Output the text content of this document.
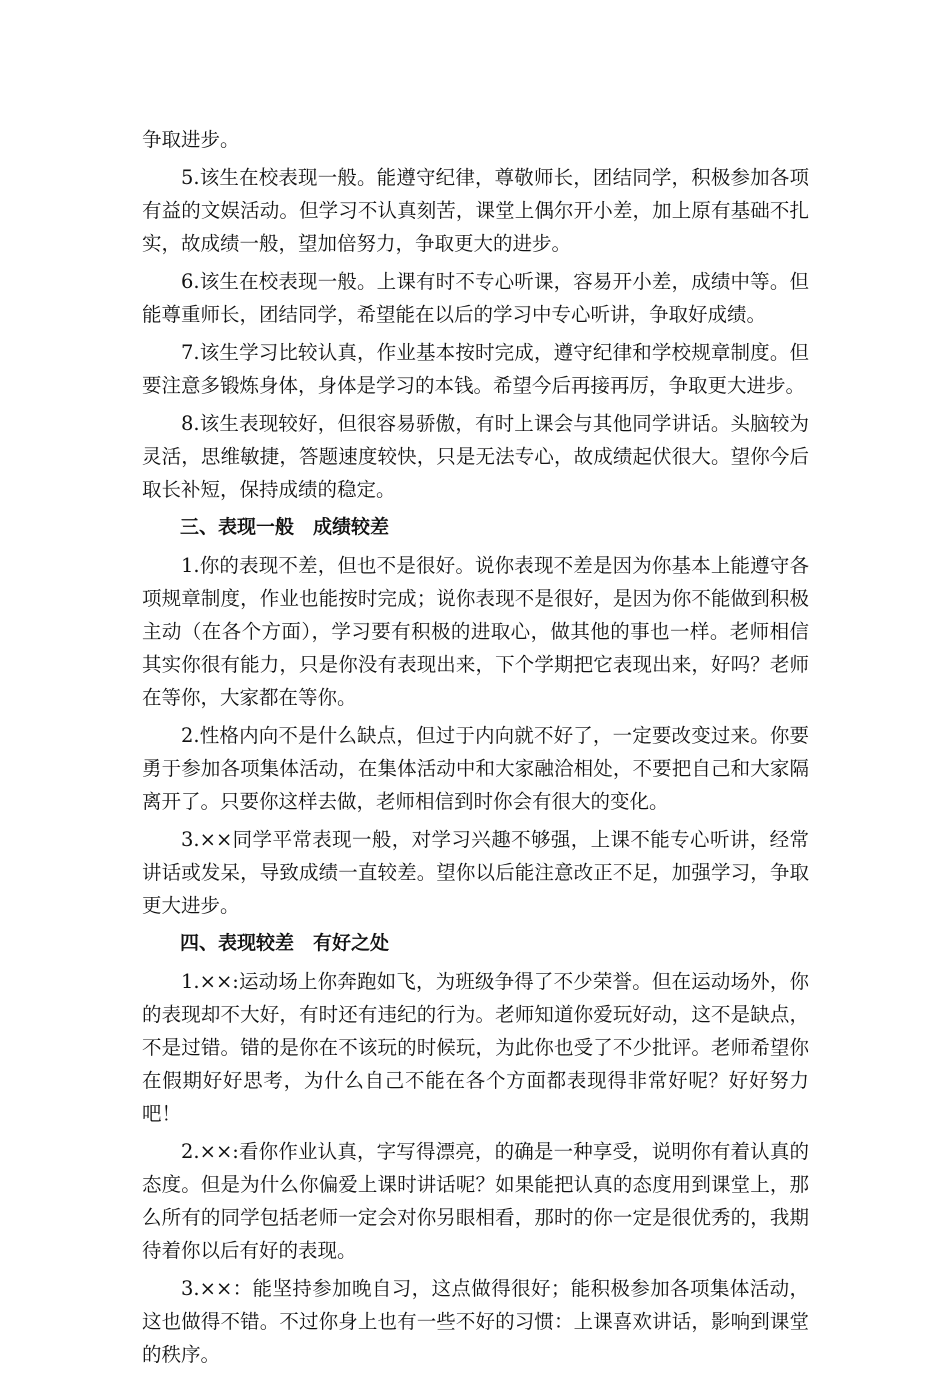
争取进步。

5.该生在校表现一般。能遵守纪律，尊敬师长，团结同学，积极参加各项有益的文娱活动。但学习不认真刻苦，课堂上偶尔开小差，加上原有基础不扎实，故成绩一般，望加倍努力，争取更大的进步。

6.该生在校表现一般。上课有时不专心听课，容易开小差，成绩中等。但能尊重师长，团结同学，希望能在以后的学习中专心听讲，争取好成绩。

7.该生学习比较认真，作业基本按时完成，遵守纪律和学校规章制度。但要注意多锻炼身体，身体是学习的本钱。希望今后再接再厉，争取更大进步。

8.该生表现较好，但很容易骄傲，有时上课会与其他同学讲话。头脑较为灵活，思维敏捷，答题速度较快，只是无法专心，故成绩起伏很大。望你今后取长补短，保持成绩的稳定。

三、表现一般　成绩较差

1.你的表现不差，但也不是很好。说你表现不差是因为你基本上能遵守各项规章制度，作业也能按时完成；说你表现不是很好，是因为你不能做到积极主动（在各个方面），学习要有积极的进取心，做其他的事也一样。老师相信其实你很有能力，只是你没有表现出来，下个学期把它表现出来，好吗？老师在等你，大家都在等你。

2.性格内向不是什么缺点，但过于内向就不好了，一定要改变过来。你要勇于参加各项集体活动，在集体活动中和大家融洽相处，不要把自己和大家隔离开了。只要你这样去做，老师相信到时你会有很大的变化。

3.××同学平常表现一般，对学习兴趣不够强，上课不能专心听讲，经常讲话或发呆，导致成绩一直较差。望你以后能注意改正不足，加强学习，争取更大进步。

四、表现较差　有好之处

1.××:运动场上你奔跑如飞，为班级争得了不少荣誉。但在运动场外，你的表现却不大好，有时还有违纪的行为。老师知道你爱玩好动，这不是缺点，不是过错。错的是你在不该玩的时候玩，为此你也受了不少批评。老师希望你在假期好好思考，为什么自己不能在各个方面都表现得非常好呢？好好努力吧！

2.××:看你作业认真，字写得漂亮，的确是一种享受，说明你有着认真的态度。但是为什么你偏爱上课时讲话呢？如果能把认真的态度用到课堂上，那么所有的同学包括老师一定会对你另眼相看，那时的你一定是很优秀的，我期待着你以后有好的表现。

3.××：能坚持参加晚自习，这点做得很好；能积极参加各项集体活动，这也做得不错。不过你身上也有一些不好的习惯：上课喜欢讲话，影响到课堂的秩序。
